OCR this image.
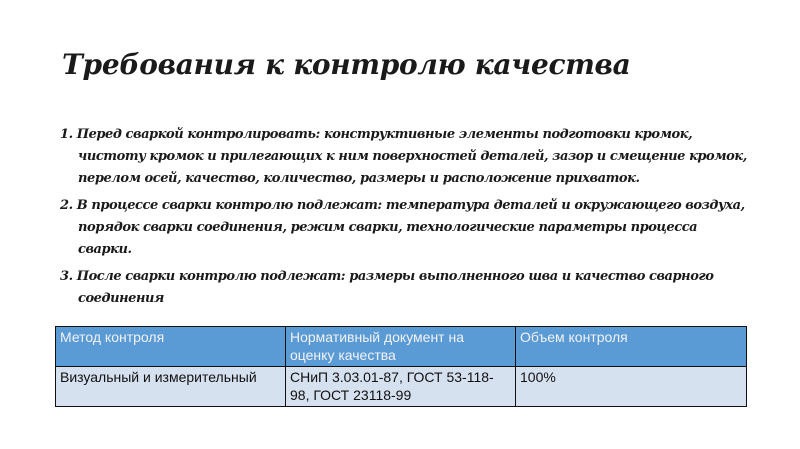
Требования к контролю качества
1. Перед сваркой контролировать: конструктивные элементы подготовки кромок, чистоту кромок и прилегающих к ним поверхностей деталей, зазор и смещение кромок, перелом осей, качество, количество, размеры и расположение прихваток.
2. В процессе сварки контролю подлежат: температура деталей и окружающего воздуха, порядок сварки соединения, режим сварки, технологические параметры процесса сварки.
3. После сварки контролю подлежат: размеры выполненного шва и качество сварного соединения
Метод контроля	Нормативный документ на оценку качества	Объем контроля
Визуальный и измерительный	СНиП 3.03.01-87, ГОСТ 53-118-98, ГОСТ 23118-99	100%
